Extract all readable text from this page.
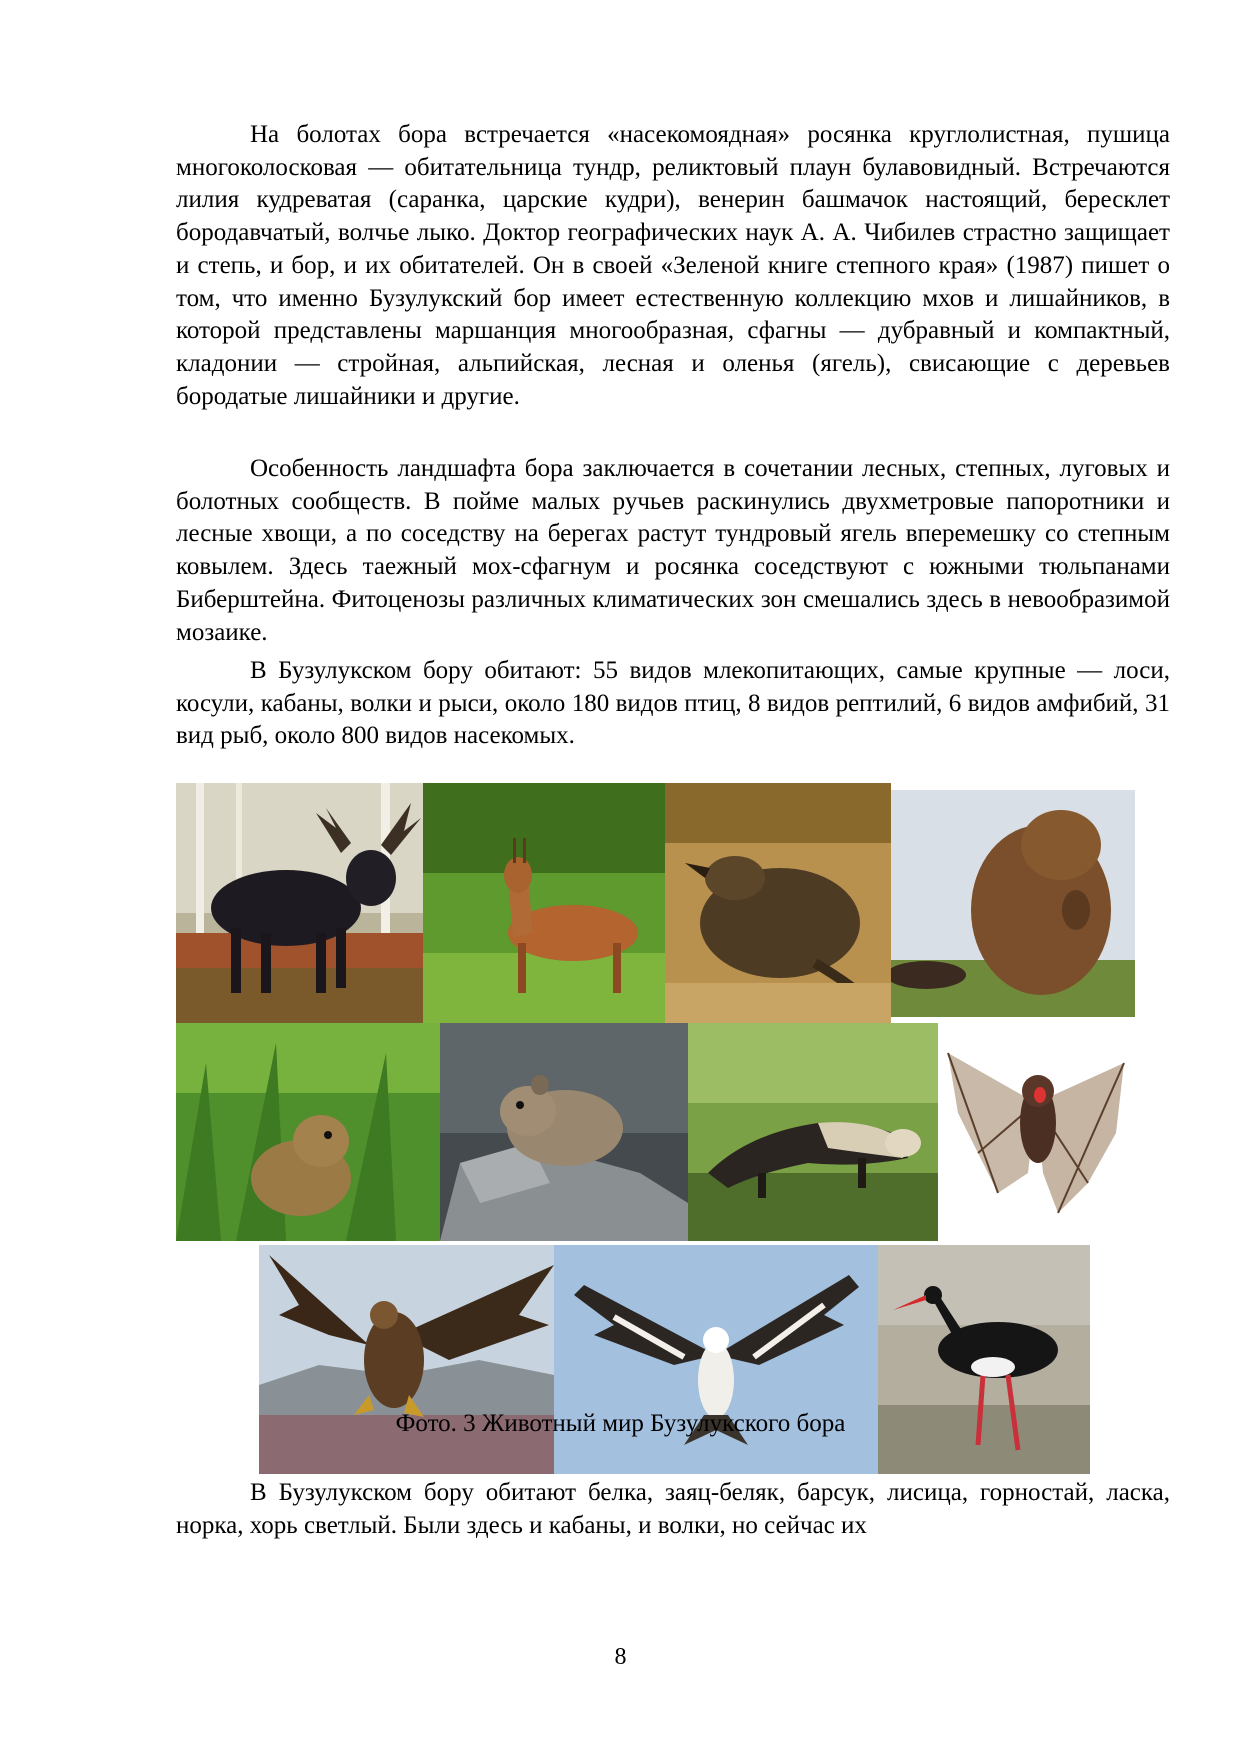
На болотах бора встречается «насекомоядная» росянка круглолистная, пушица многоколосковая — обитательница тундр, реликтовый плаун булавовидный. Встречаются лилия кудреватая (саранка, царские кудри), венерин башмачок настоящий, бересклет бородавчатый, волчье лыко. Доктор географических наук А. А. Чибилев страстно защищает и степь, и бор, и их обитателей. Он в своей «Зеленой книге степного края» (1987) пишет о том, что именно Бузулукский бор имеет естественную коллекцию мхов и лишайников, в которой представлены маршанция многообразная, сфагны — дубравный и компактный, кладонии — стройная, альпийская, лесная и оленья (ягель), свисающие с деревьев бородатые лишайники и другие.

Особенность ландшафта бора заключается в сочетании лесных, степных, луговых и болотных сообществ. В пойме малых ручьев раскинулись двухметровые папоротники и лесные хвощи, а по соседству на берегах растут тундровый ягель вперемешку со степным ковылем. Здесь таежный мох-сфагнум и росянка соседствуют с южными тюльпанами Биберштейна. Фитоценозы различных климатических зон смешались здесь в невообразимой мозаике.

В Бузулукском бору обитают: 55 видов млекопитающих, самые крупные — лоси, косули, кабаны, волки и рыси, около 180 видов птиц, 8 видов рептилий, 6 видов амфибий, 31 вид рыб, около 800 видов насекомых.

Фото. 3 Животный мир Бузулукского бора

В Бузулукском бору обитают белка, заяц-беляк, барсук, лисица, горностай, ласка, норка, хорь светлый. Были здесь и кабаны, и волки, но сейчас их

8
